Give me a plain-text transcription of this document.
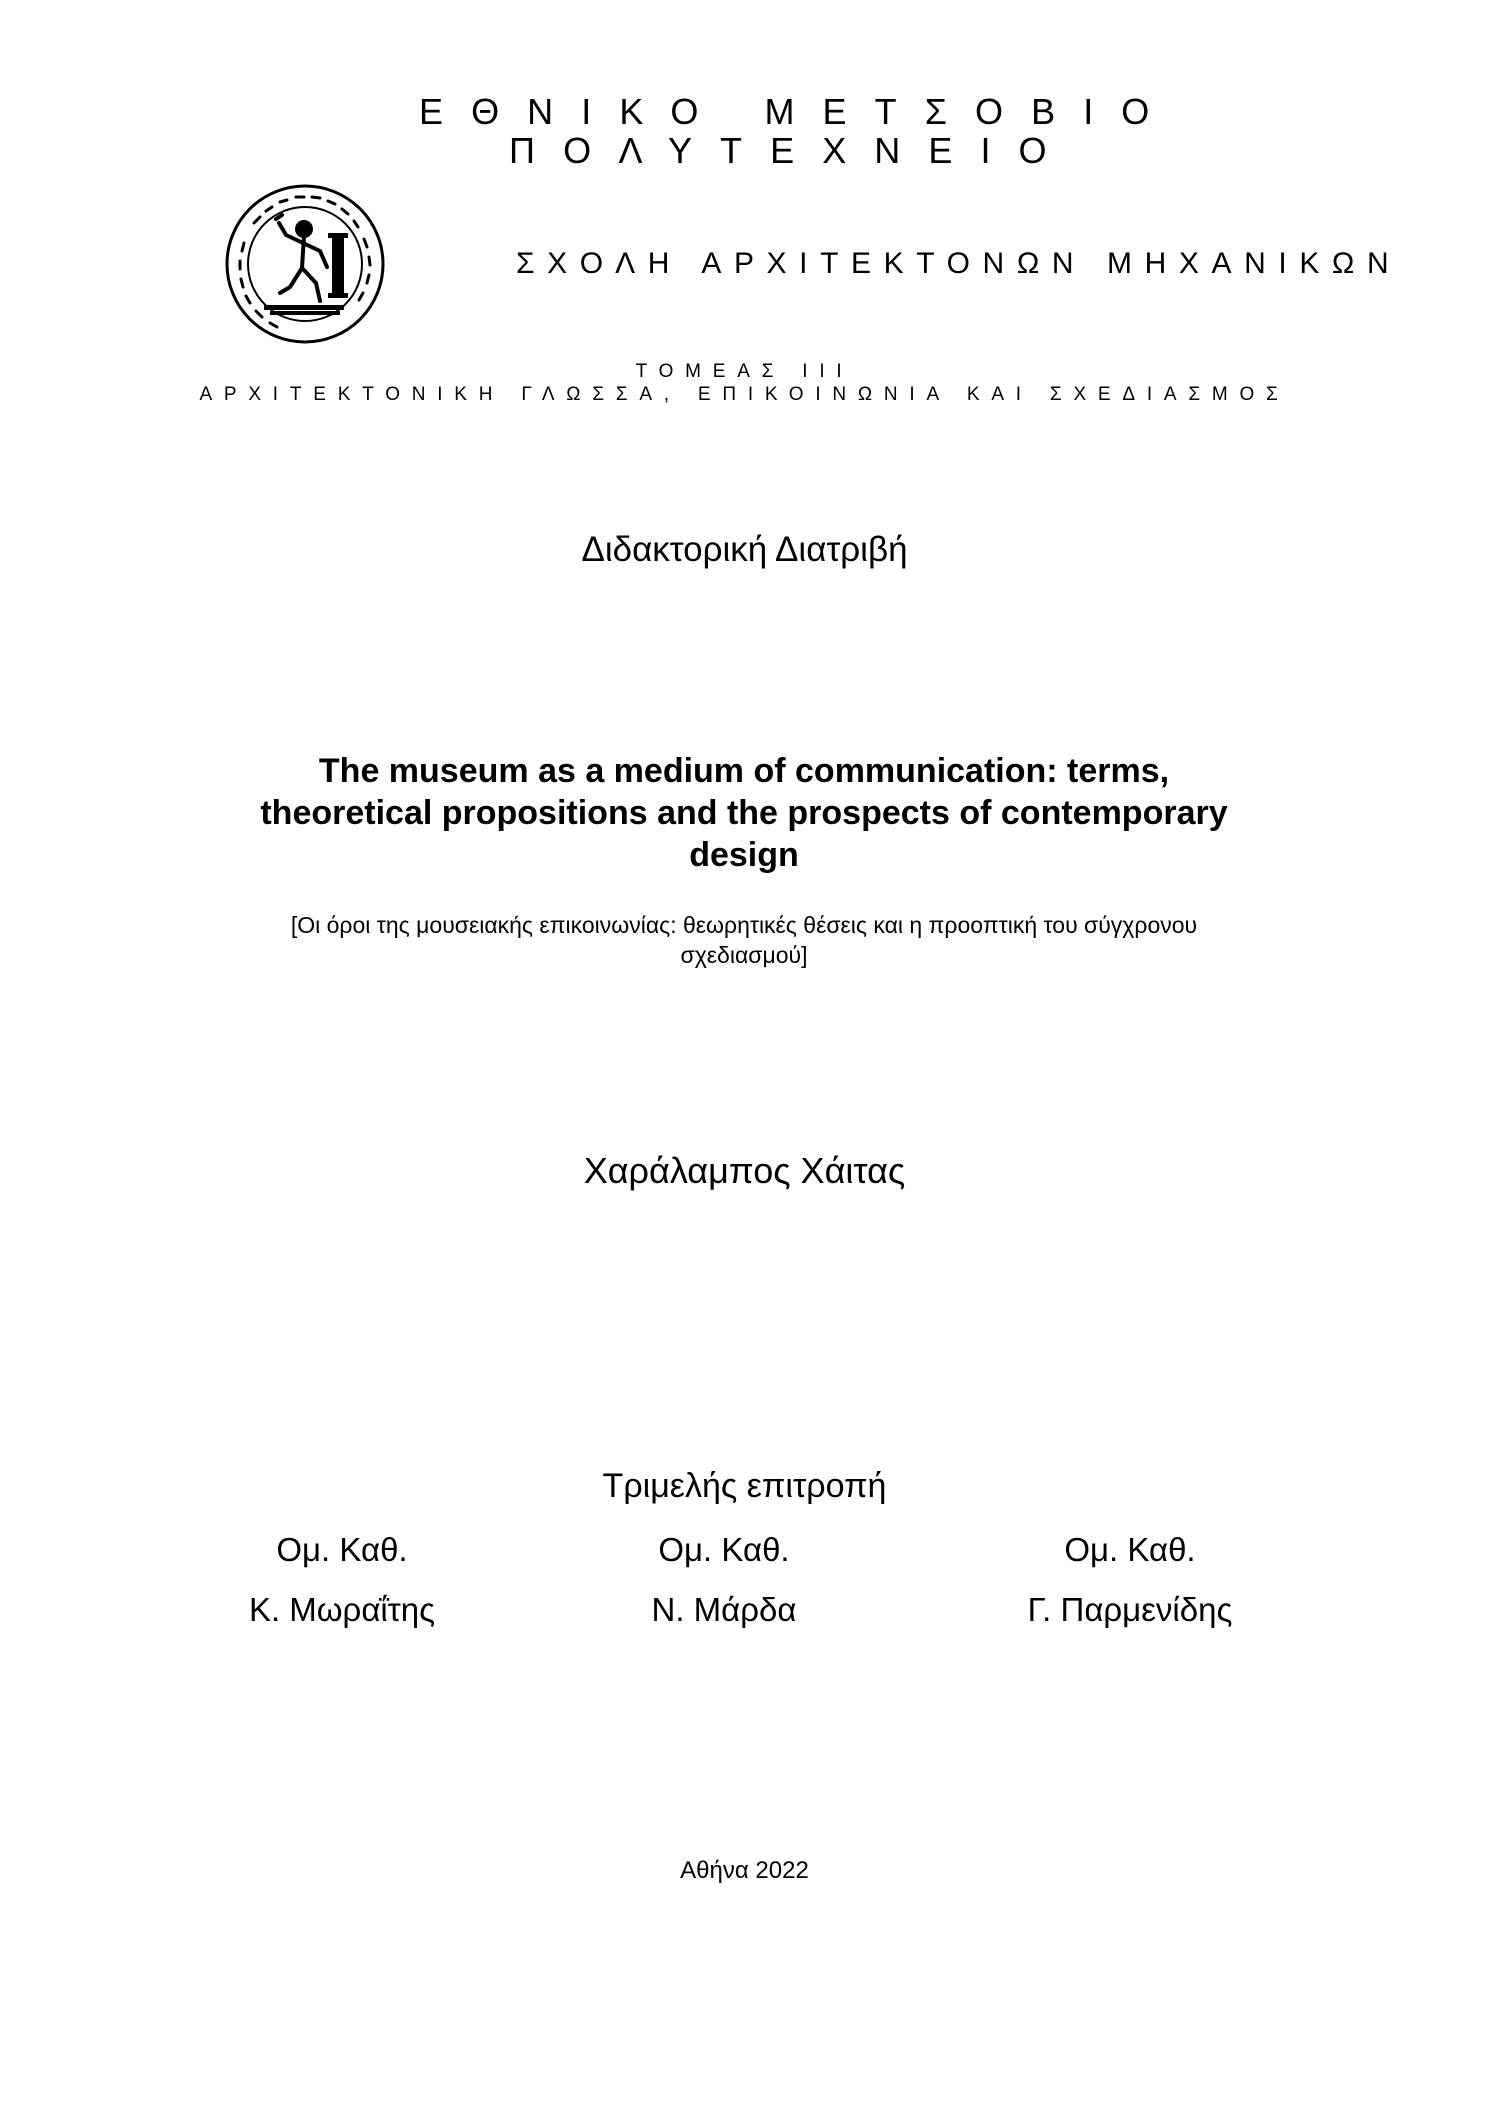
ΕΘΝΙΚΟ ΜΕΤΣΟΒΙΟ
ΠΟΛΥΤΕΧΝΕΙΟ
ΣΧΟΛΗ ΑΡΧΙΤΕΚΤΟΝΩΝ ΜΗΧΑΝΙΚΩΝ
ΤΟΜΕΑΣ ΙΙΙ
ΑΡΧΙΤΕΚΤΟΝΙΚΗ ΓΛΩΣΣΑ, ΕΠΙΚΟΙΝΩΝΙΑ ΚΑΙ ΣΧΕΔΙΑΣΜΟΣ
Διδακτορική Διατριβή
The museum as a medium of communication: terms, theoretical propositions and the prospects of contemporary design
[Οι όροι της μουσειακής επικοινωνίας: θεωρητικές θέσεις και η προοπτική του σύγχρονου σχεδιασμού]
Χαράλαμπος Χάιτας
Τριμελής επιτροπή
Ομ. Καθ.
Κ. Μωραΐτης
Ομ. Καθ.
Ν. Μάρδα
Ομ. Καθ.
Γ. Παρμενίδης
Αθήνα 2022
